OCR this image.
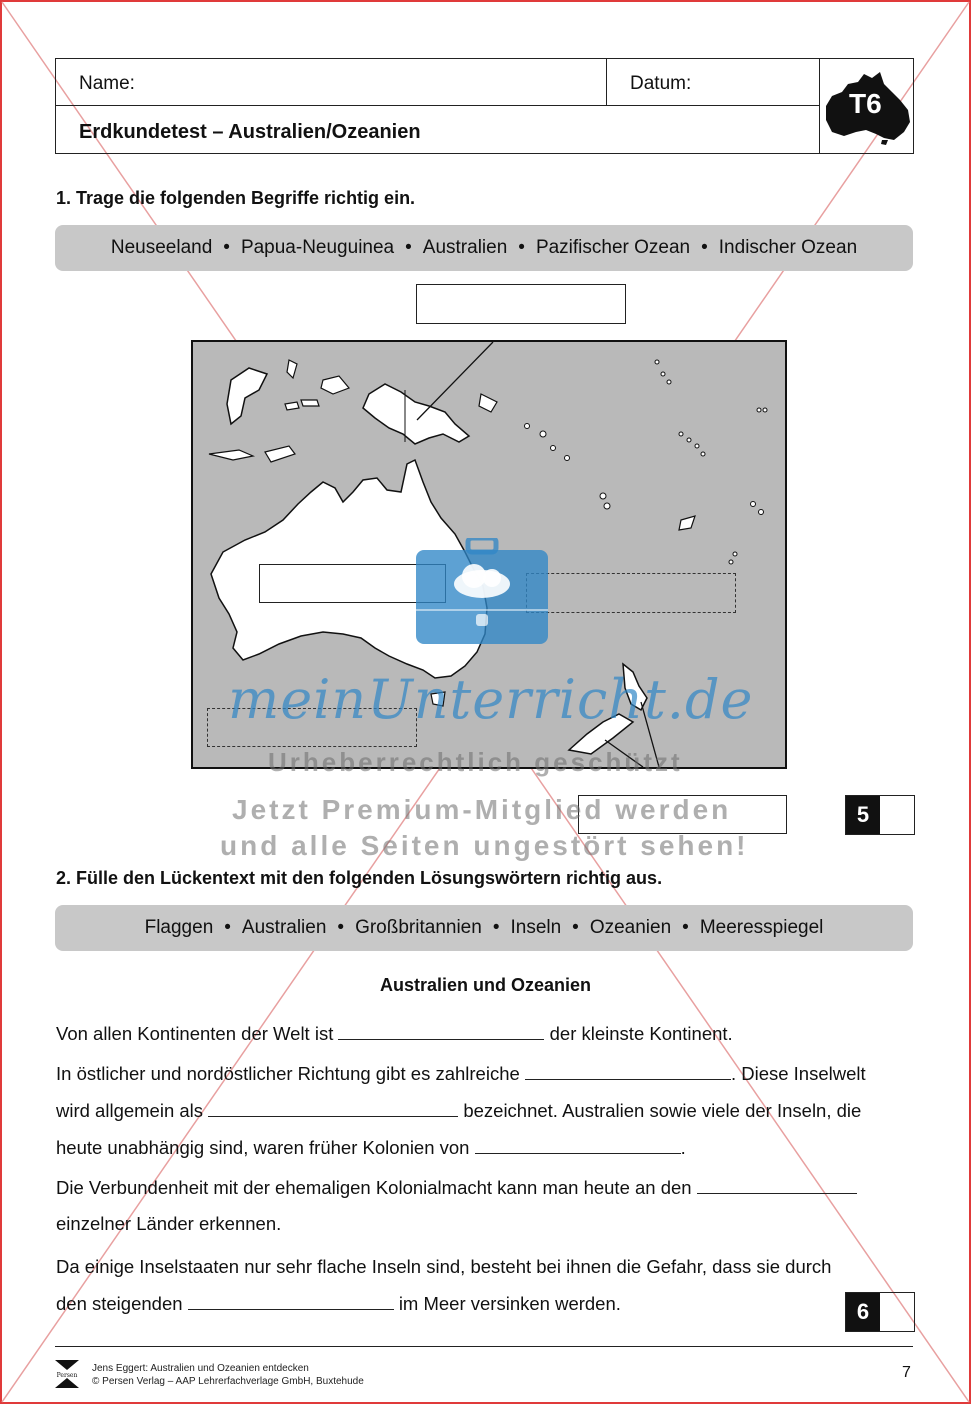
Name:	Datum:
Erdkundetest – Australien/Ozeanien
T6
1. Trage die folgenden Begriffe richtig ein.
Neuseeland • Papua-Neuguinea • Australien • Pazifischer Ozean • Indischer Ozean
meinUnterricht.de
Urheberrechtlich geschützt
Jetzt Premium-Mitglied werden
und alle Seiten ungestört sehen!
5
2. Fülle den Lückentext mit den folgenden Lösungswörtern richtig aus.
Flaggen • Australien • Großbritannien • Inseln • Ozeanien • Meeresspiegel
Australien und Ozeanien
Von allen Kontinenten der Welt ist	der kleinste Kontinent.
In östlicher und nordöstlicher Richtung gibt es zahlreiche	. Diese Inselwelt
wird allgemein als	bezeichnet. Australien sowie viele der Inseln, die
heute unabhängig sind, waren früher Kolonien von	.
Die Verbundenheit mit der ehemaligen Kolonialmacht kann man heute an den
einzelner Länder erkennen.
Da einige Inselstaaten nur sehr flache Inseln sind, besteht bei ihnen die Gefahr, dass sie durch
den steigenden	im Meer versinken werden.	6
Persen
Jens Eggert: Australien und Ozeanien entdecken
© Persen Verlag – AAP Lehrerfachverlage GmbH, Buxtehude
7
